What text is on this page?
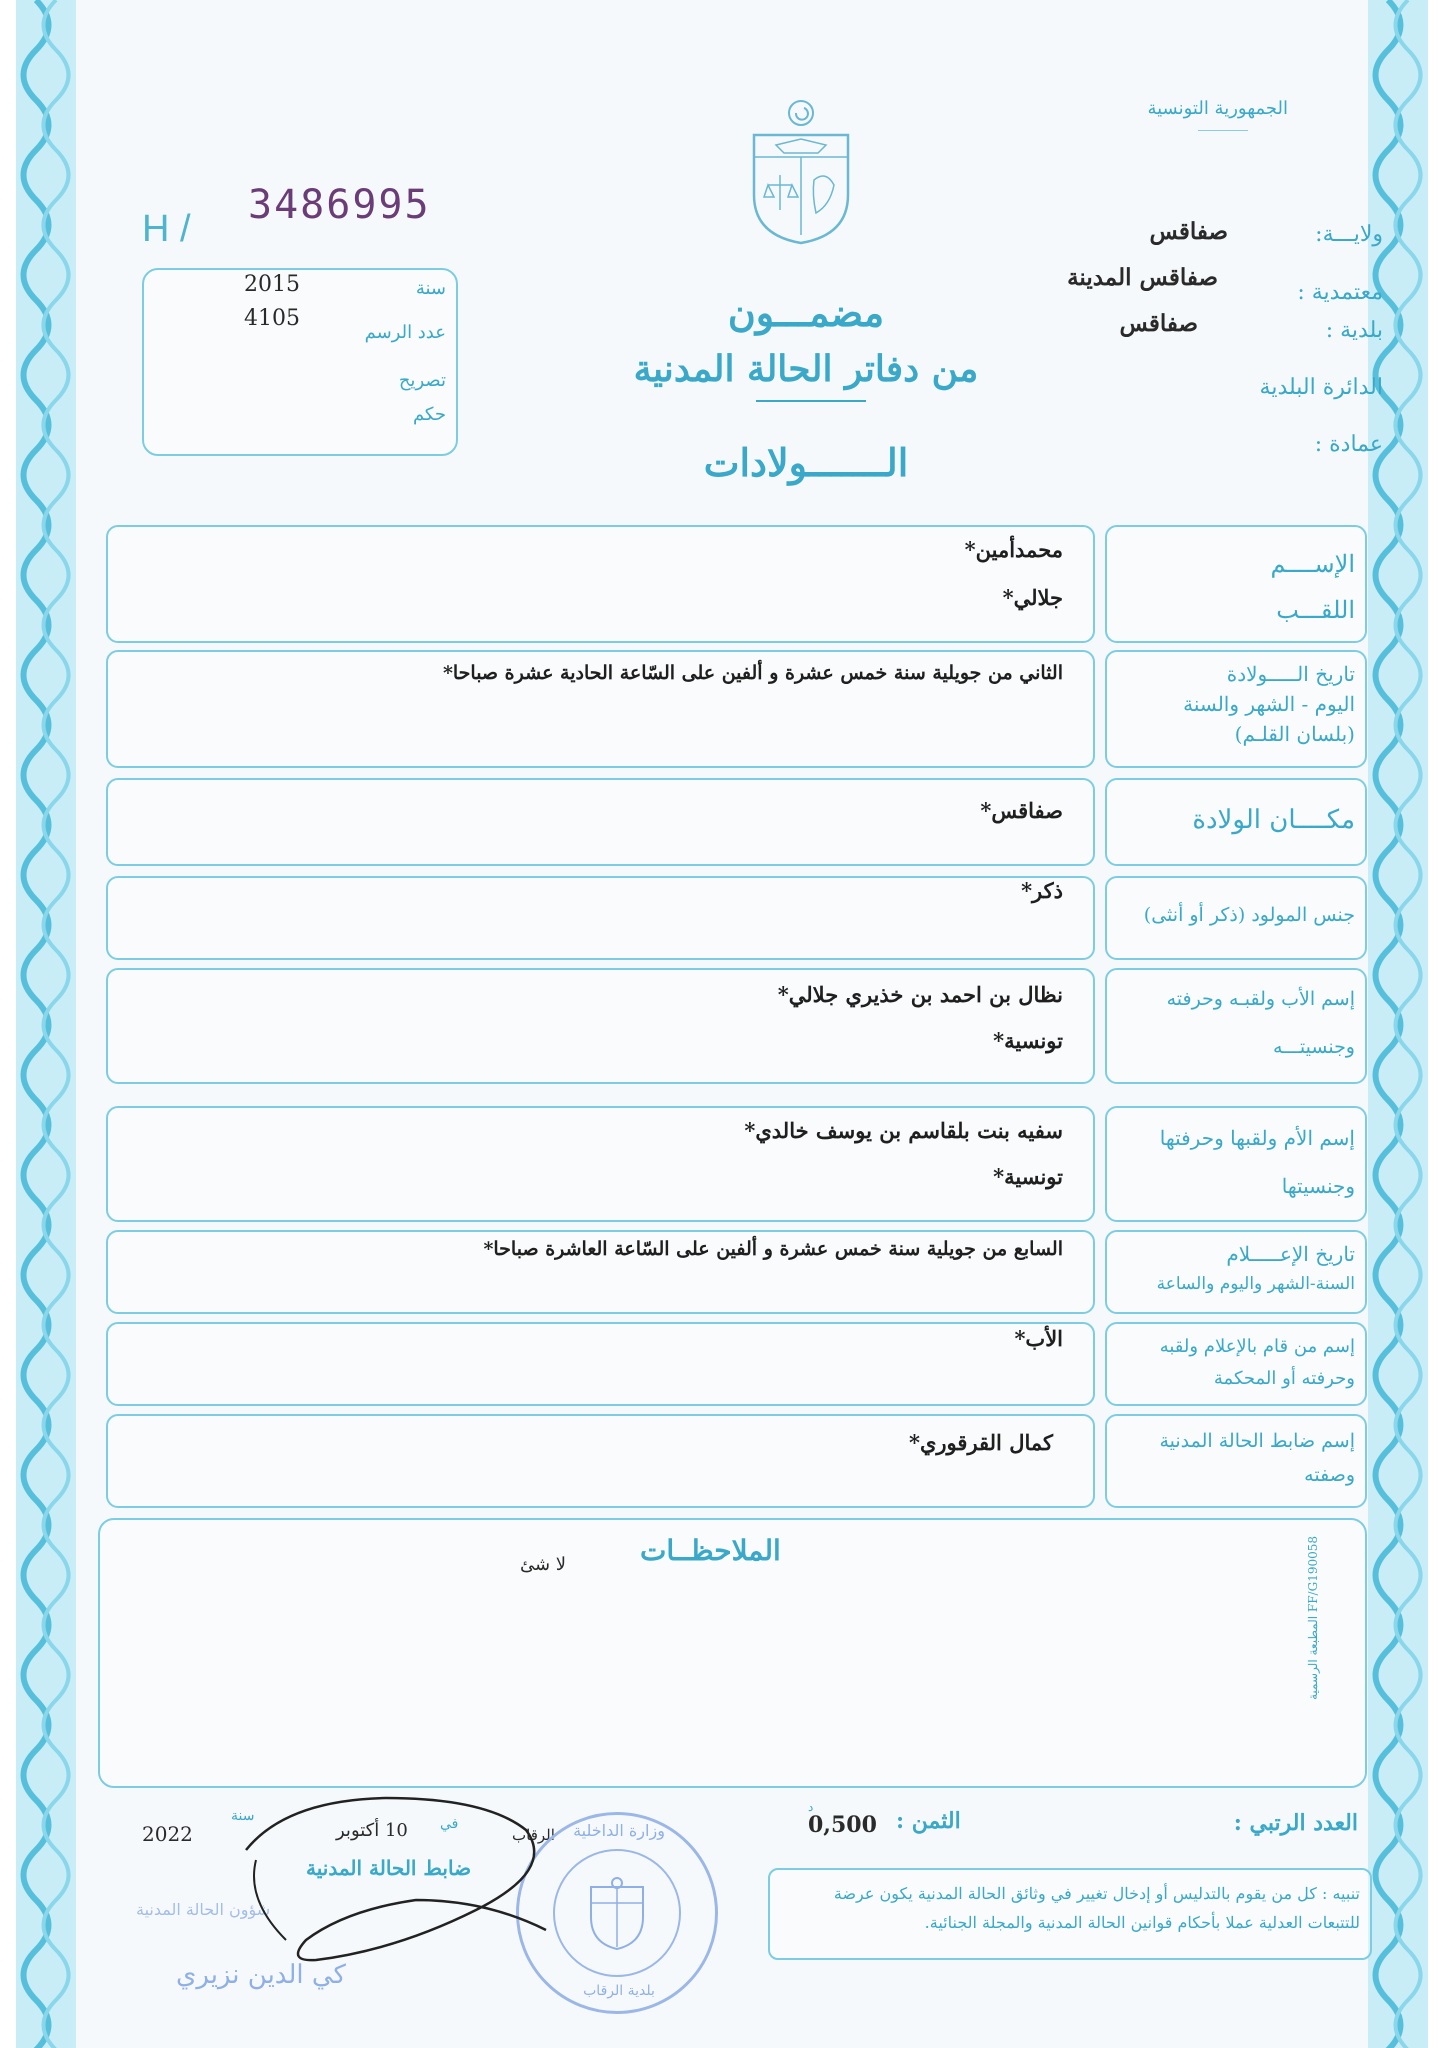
الجمهورية التونسية
ولايـــة:
صفاقس
معتمدية :
صفاقس المدينة
بلدية :
صفاقس
الدائرة البلدية
عمادة :
H /
3486995
2015
4105
سنة
عدد الرسم
تصريح
حكم
مضمـــون
من دفاتر الحالة المدنية
الـــــــولادات
الإســــم
اللقـــب
محمدأمين*
جلالي*
تاريخ الـــــولادة
اليوم - الشهر والسنة
(بلسان القلـم)
الثاني من جويلية سنة خمس عشرة و ألفين على السّاعة الحادية عشرة صباحا*
مكــــان الولادة
صفاقس*
جنس المولود (ذكر أو أنثى)
ذكر*
إسم الأب ولقبـه وحرفته
وجنسيتـــه
نظال بن احمد بن خذيري جلالي*
تونسية*
إسم الأم ولقبها وحرفتها
وجنسيتها
سفيه بنت بلقاسم بن يوسف خالدي*
تونسية*
تاريخ الإعـــــلام
السنة-الشهر واليوم والساعة
السابع من جويلية سنة خمس عشرة و ألفين على السّاعة العاشرة صباحا*
إسم من قام بالإعلام ولقبه
وحرفته أو المحكمة
الأب*
إسم ضابط الحالة المدنية
وصفته
كمال القرقوري*
الملاحظــات
لا شئ
المطبعة الرسمية FF/G190058
العدد الرتبي :
الثمن :
0,500
د
سنة
2022	في
10 أكتوبر	الرقاب
ضابط الحالة المدنية
شؤون الحالة المدنية
كي الدين نزيري
وزارة الداخلية
بلدية الرقاب
تنبيه : كل من يقوم بالتدليس أو إدخال تغيير في وثائق الحالة المدنية يكون عرضة للتتبعات العدلية عملا بأحكام قوانين الحالة المدنية والمجلة الجنائية.
